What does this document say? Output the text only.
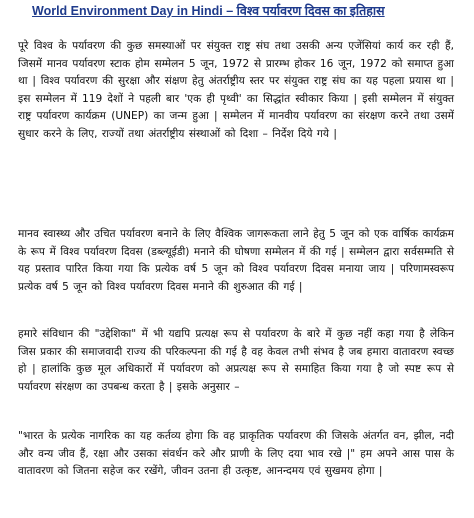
World Environment Day in Hindi – विश्व पर्यावरण दिवस का इतिहास
पूरे विश्व के पर्यावरण की कुछ समस्याओं पर संयुक्त राष्ट्र संघ तथा उसकी अन्य एजेंसियां कार्य कर रही हैं, जिसमें मानव पर्यावरण स्टाक होम सम्मेलन 5 जून, 1972 से प्रारम्भ होकर 16 जून, 1972 को समाप्त हुआ था | विश्व पर्यावरण की सुरक्षा और संक्षण हेतु अंतर्राष्ट्रीय स्तर पर संयुक्त राष्ट्र संघ का यह पहला प्रयास था | इस सम्मेलन में 119 देशों ने पहली बार 'एक ही पृथ्वी' का सिद्धांत स्वीकार किया | इसी सम्मेलन में संयुक्त राष्ट्र पर्यावरण कार्यक्रम (UNEP) का जन्म हुआ | सम्मेलन में मानवीय पर्यावरण का संरक्षण करने तथा उसमें सुधार करने के लिए, राज्यों तथा अंतर्राष्ट्रीय संस्थाओं को दिशा – निर्देश दिये गये |
मानव स्वास्थ्य और उचित पर्यावरण बनाने के लिए वैश्विक जागरूकता लाने हेतु 5 जून को एक वार्षिक कार्यक्रम के रूप में विश्व पर्यावरण दिवस (डब्ल्यूईडी) मनाने की घोषणा सम्मेलन में की गई | सम्मेलन द्वारा सर्वसम्मति से यह प्रस्ताव पारित किया गया कि प्रत्येक वर्ष 5 जून को विश्व पर्यावरण दिवस मनाया जाय | परिणामस्वरूप प्रत्येक वर्ष 5 जून को विश्व पर्यावरण दिवस मनाने की शुरुआत की गई |
हमारे संविधान की "उद्देशिका" में भी यद्यपि प्रत्यक्ष रूप से पर्यावरण के बारे में कुछ नहीं कहा गया है लेकिन जिस प्रकार की समाजवादी राज्य की परिकल्पना की गई है वह केवल तभी संभव है जब हमारा वातावरण स्वच्छ हो | हालांकि कुछ मूल अधिकारों में पर्यावरण को अप्रत्यक्ष रूप से समाहित किया गया है जो स्पष्ट रूप से पर्यावरण संरक्षण का उपबन्ध करता है | इसके अनुसार –
"भारत के प्रत्येक नागरिक का यह कर्तव्य होगा कि वह प्राकृतिक पर्यावरण की जिसके अंतर्गत वन, झील, नदी और वन्य जीव हैं, रक्षा और उसका संवर्धन करे और प्राणी के लिए दया भाव रखे |" हम अपने आस पास के वातावरण को जितना सहेज कर रखेंगे, जीवन उतना ही उत्कृष्ट, आनन्दमय एवं सुखमय होगा |
